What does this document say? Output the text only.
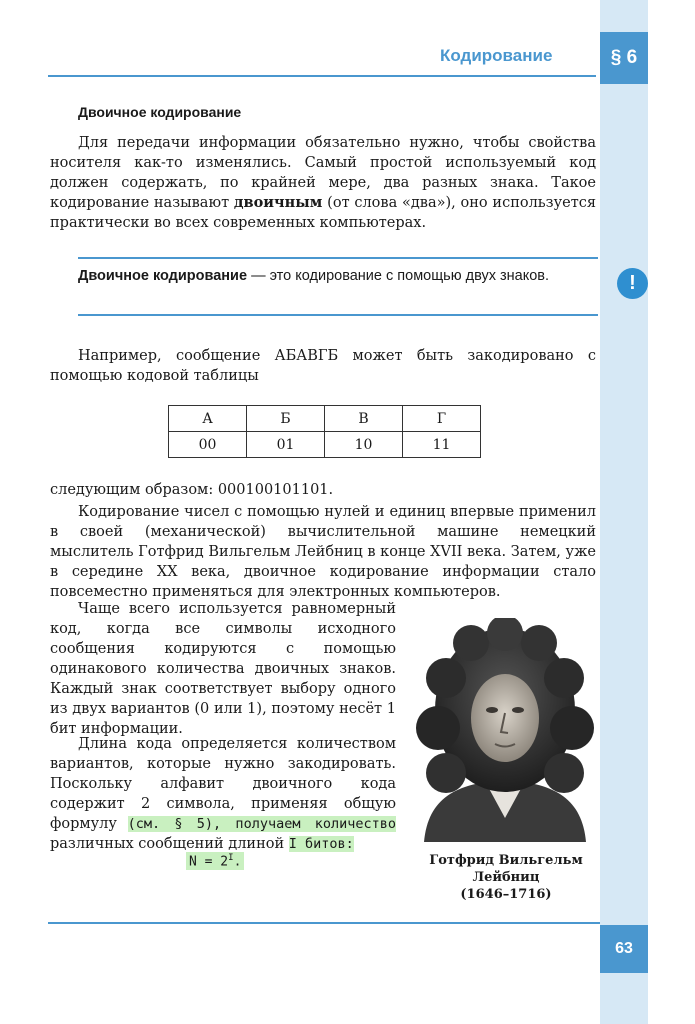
Кодирование	§ 6
Двоичное кодирование

Для передачи информации обязательно нужно, чтобы свойства носителя как-то изменялись. Самый простой используемый код должен содержать, по крайней мере, два разных знака. Такое кодирование называют двоичным (от слова «два»), оно используется практически во всех современных компьютерах.

Двоичное кодирование — это кодирование с помощью двух знаков.	!

Например, сообщение АБАВГБ может быть закодировано с помощью кодовой таблицы

А	Б	В	Г
00	01	10	11

следующим образом: 000100101101.

Кодирование чисел с помощью нулей и единиц впервые применил в своей (механической) вычислительной машине немецкий мыслитель Готфрид Вильгельм Лейбниц в конце XVII века. Затем, уже в середине XX века, двоичное кодирование информации стало повсеместно применяться для электронных компьютеров.

Чаще всего используется равномерный код, когда все символы исходного сообщения кодируются с помощью одинакового количества двоичных знаков. Каждый знак соответствует выбору одного из двух вариантов (0 или 1), поэтому несёт 1 бит информации.

Длина кода определяется количеством вариантов, которые нужно закодировать. Поскольку алфавит двоичного кода содержит 2 символа, применяя общую формулу (см. § 5), получаем количество различных сообщений длиной I битов:

$N = 2^I$.	Готфрид Вильгельм
Лейбниц
(1646–1716)
63
